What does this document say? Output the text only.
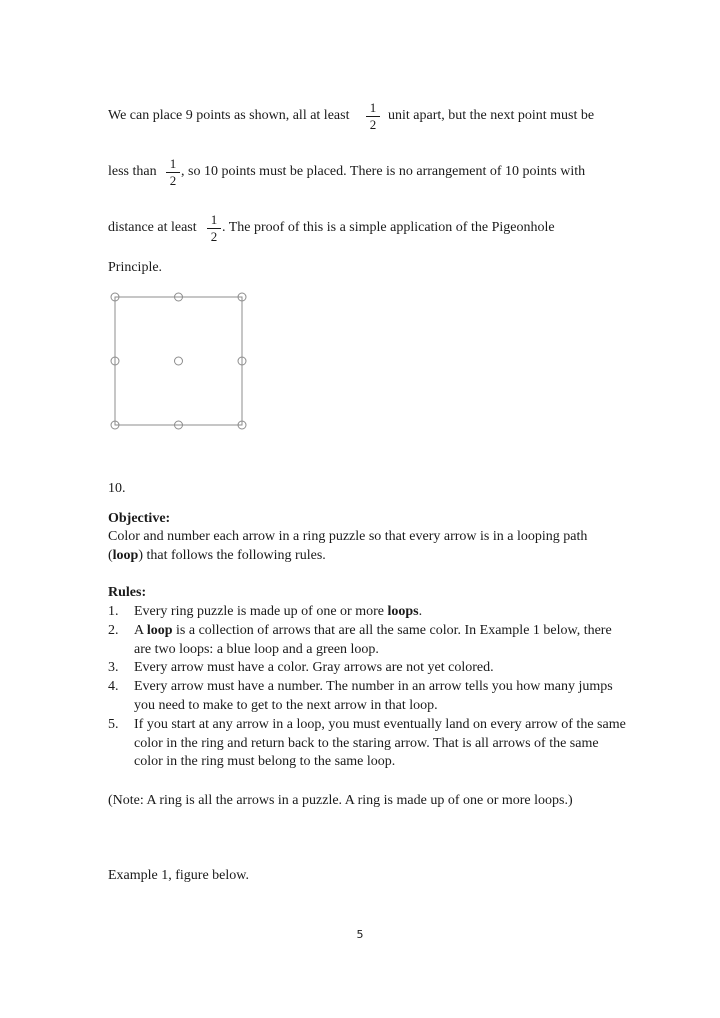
We can place 9 points as shown, all at least
1
2
unit apart, but the next point must be
less than
1
2
, so 10 points must be placed. There is no arrangement of 10 points with
distance at least
1
2
. The proof of this is a simple application of the Pigeonhole
Principle.
10.
Objective:
Color and number each arrow in a ring puzzle so that every arrow is in a looping path
(loop) that follows the following rules.
Rules:
1. Every ring puzzle is made up of one or more loops.
2. A loop is a collection of arrows that are all the same color. In Example 1 below, there are two loops: a blue loop and a green loop.
3. Every arrow must have a color. Gray arrows are not yet colored.
4. Every arrow must have a number. The number in an arrow tells you how many jumps you need to make to get to the next arrow in that loop.
5. If you start at any arrow in a loop, you must eventually land on every arrow of the same color in the ring and return back to the staring arrow. That is all arrows of the same color in the ring must belong to the same loop.
(Note: A ring is all the arrows in a puzzle. A ring is made up of one or more loops.)
Example 1, figure below.
5
